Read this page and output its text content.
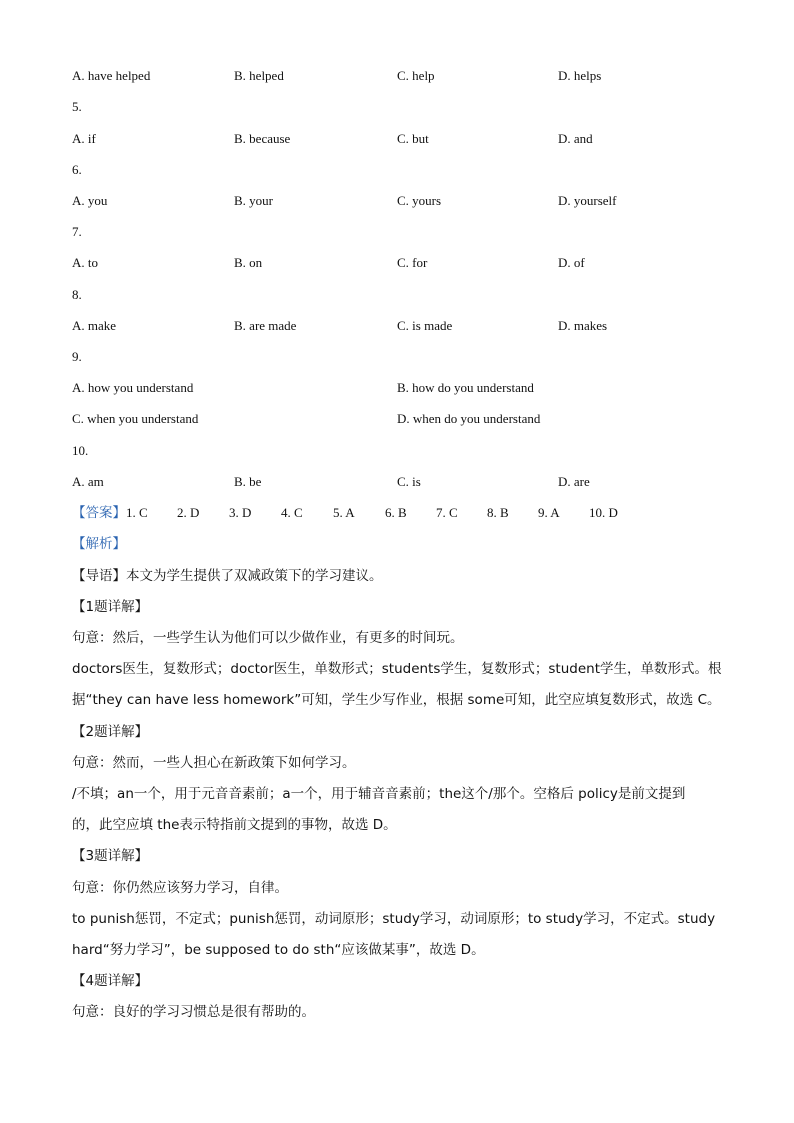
A. have helped	B. helped	C. help	D. helps
5.
A. if	B. because	C. but	D. and
6.
A. you	B. your	C. yours	D. yourself
7.
A. to	B. on	C. for	D. of
8.
A. make	B. are made	C. is made	D. makes
9.
A. how you understand	B. how do you understand
C. when you understand	D. when do you understand
10.
A. am	B. be	C. is	D. are
【答案】1. C 2. D 3. D 4. C 5. A 6. B 7. C 8. B 9. A 10. D
【解析】
【导语】本文为学生提供了双减政策下的学习建议。
【1题详解】
句意：然后，一些学生认为他们可以少做作业，有更多的时间玩。
doctors医生，复数形式；doctor医生，单数形式；students学生，复数形式；student学生，单数形式。根
据“they can have less homework”可知，学生少写作业，根据 some可知，此空应填复数形式，故选 C。
【2题详解】
句意：然而，一些人担心在新政策下如何学习。
/不填；an一个，用于元音音素前；a一个，用于辅音音素前；the这个/那个。空格后 policy是前文提到
的，此空应填 the表示特指前文提到的事物，故选 D。
【3题详解】
句意：你仍然应该努力学习，自律。
to punish惩罚，不定式；punish惩罚，动词原形；study学习，动词原形；to study学习，不定式。study
hard“努力学习”，be supposed to do sth“应该做某事”，故选 D。
【4题详解】
句意：良好的学习习惯总是很有帮助的。
